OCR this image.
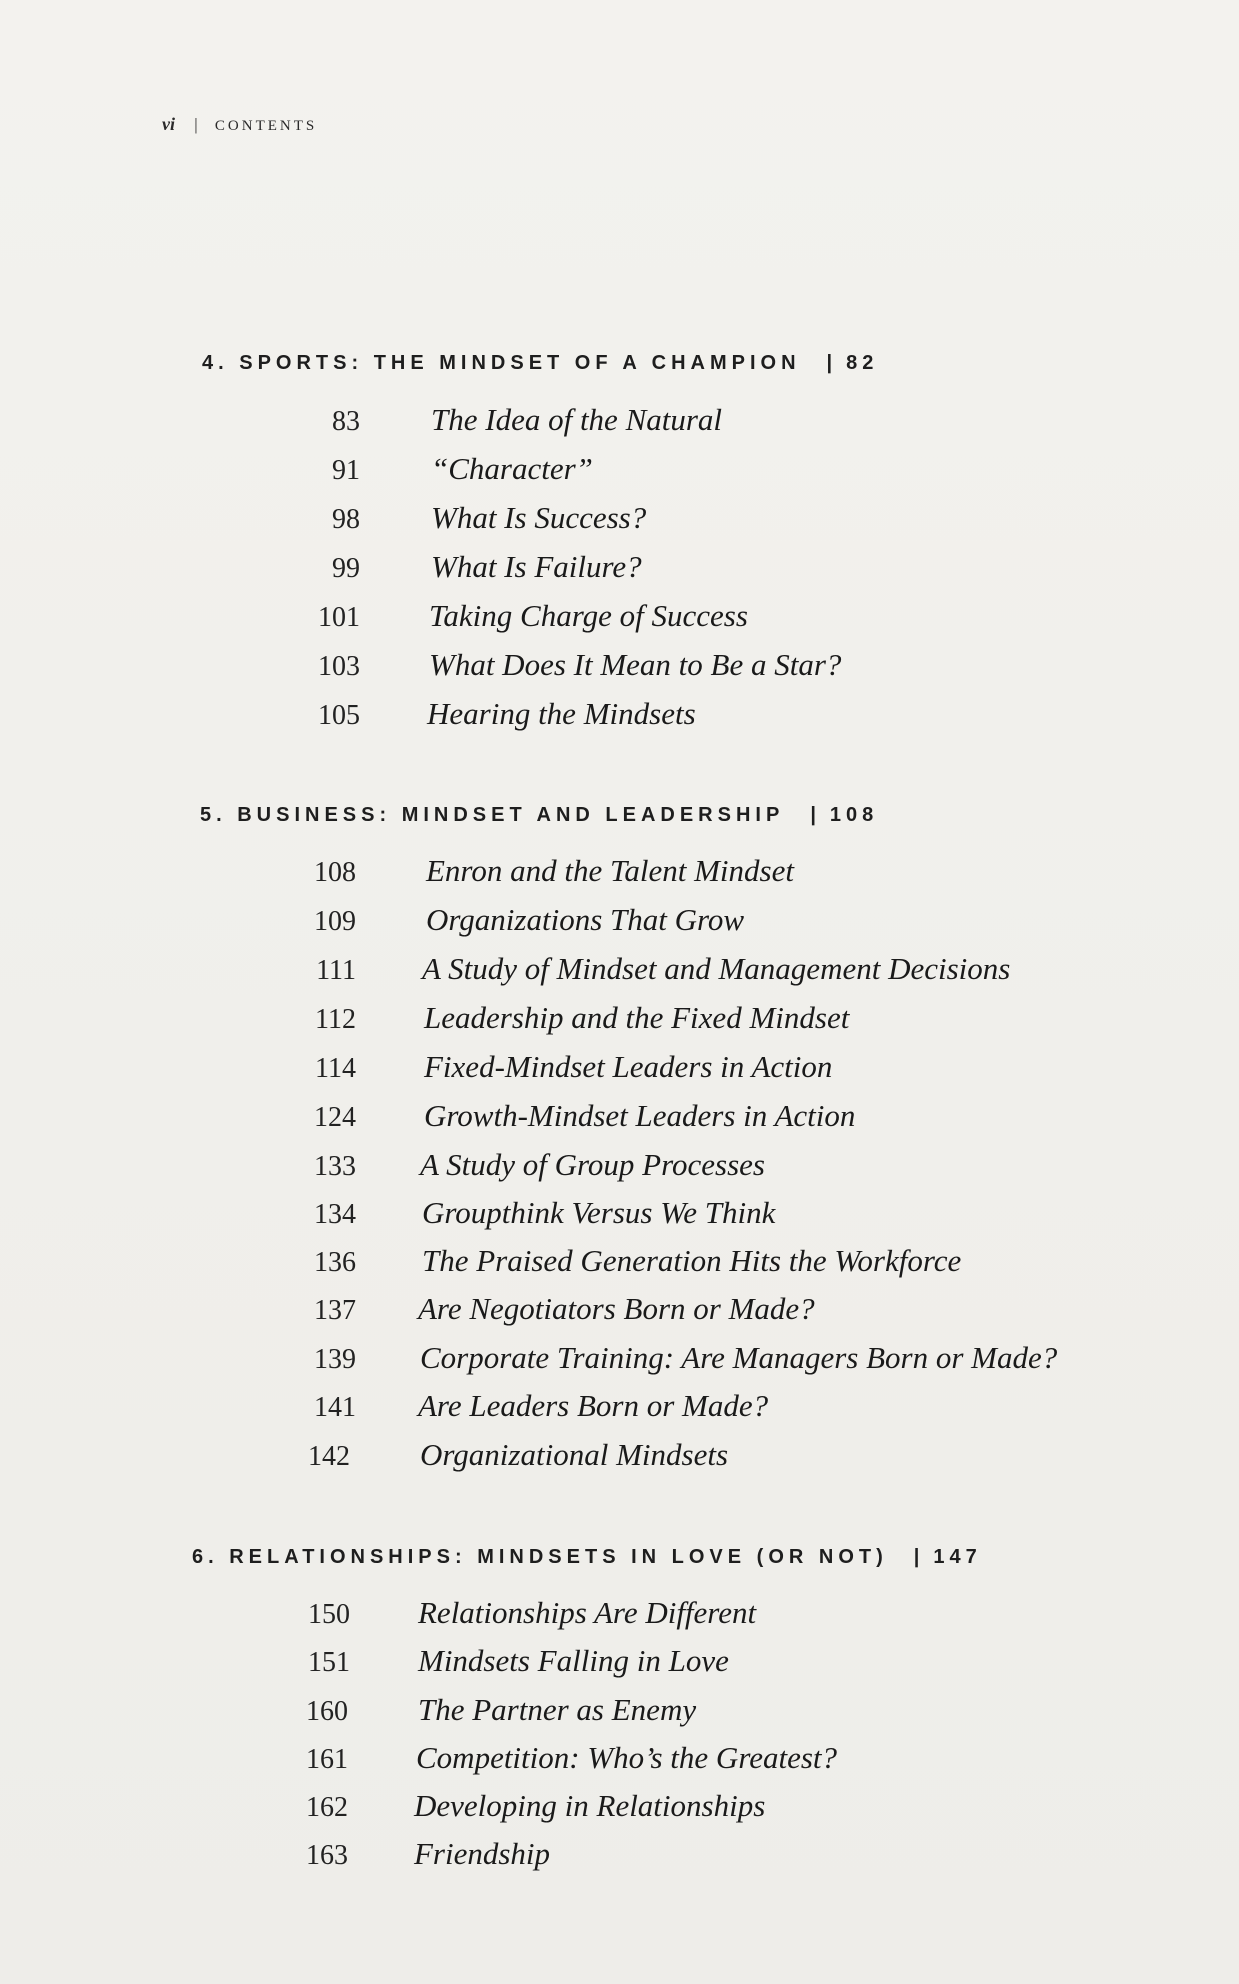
vi | CONTENTS
4. SPORTS: THE MINDSET OF A CHAMPION | 82
83 The Idea of the Natural
91 “Character”
98 What Is Success?
99 What Is Failure?
101 Taking Charge of Success
103 What Does It Mean to Be a Star?
105 Hearing the Mindsets
5. BUSINESS: MINDSET AND LEADERSHIP | 108
108 Enron and the Talent Mindset
109 Organizations That Grow
111 A Study of Mindset and Management Decisions
112 Leadership and the Fixed Mindset
114 Fixed-Mindset Leaders in Action
124 Growth-Mindset Leaders in Action
133 A Study of Group Processes
134 Groupthink Versus We Think
136 The Praised Generation Hits the Workforce
137 Are Negotiators Born or Made?
139 Corporate Training: Are Managers Born or Made?
141 Are Leaders Born or Made?
142 Organizational Mindsets
6. RELATIONSHIPS: MINDSETS IN LOVE (OR NOT) | 147
150 Relationships Are Different
151 Mindsets Falling in Love
160 The Partner as Enemy
161 Competition: Who’s the Greatest?
162 Developing in Relationships
163 Friendship
